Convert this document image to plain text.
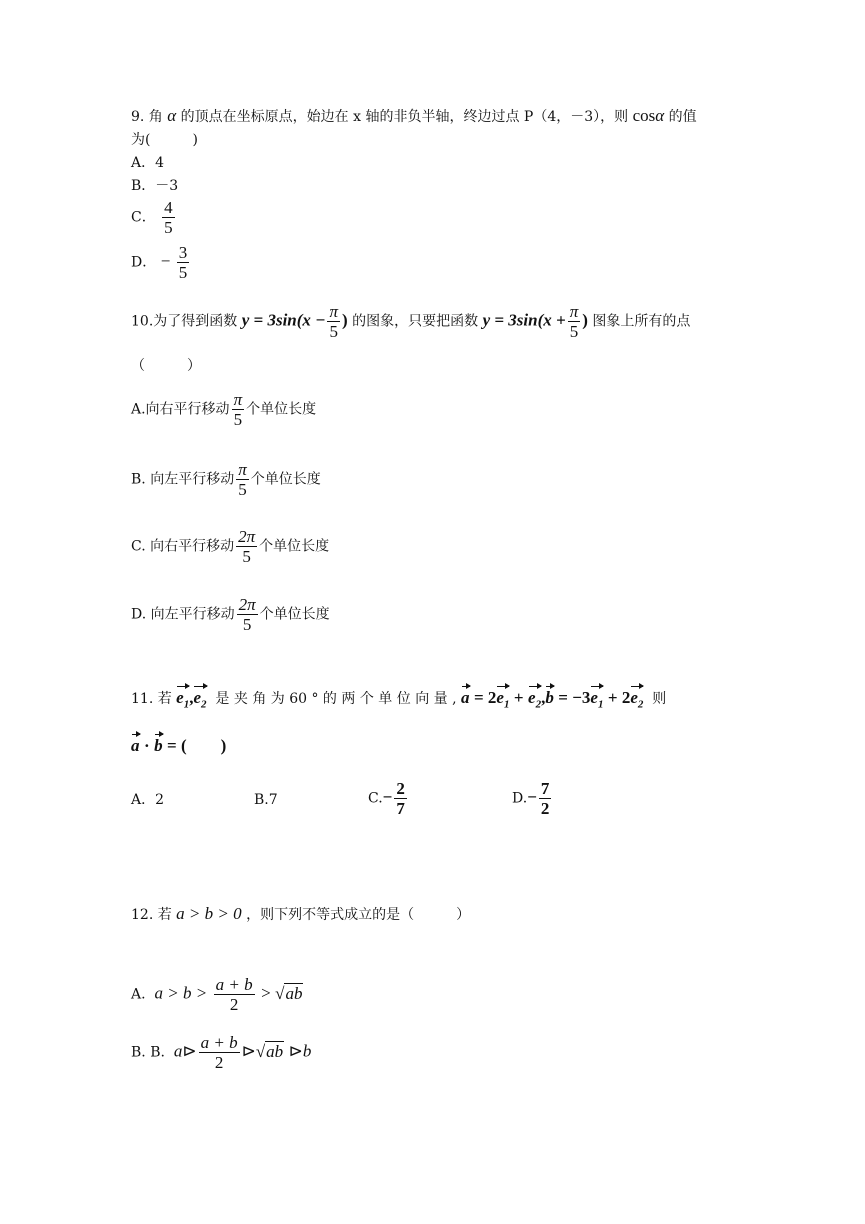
9. 角 α 的顶点在坐标原点，始边在 x 轴的非负半轴，终边过点 P（4，－3），则 cosα 的值
为(　　　)
A．4
B．－3
C． $\frac{4}{5}$
D． − $\frac{3}{5}$
10.为了得到函数 $y = 3\sin(x - \frac{\pi}{5}$ ) 的图象，只要把函数 $y = 3\sin(x + \frac{\pi}{5}$ ) 图象上所有的点
（　　　）
A.向右平行移动 $\frac{\pi}{5}$ 个单位长度
B. 向左平行移动 $\frac{\pi}{5}$ 个单位长度
C. 向右平行移动 $\frac{2\pi}{5}$ 个单位长度
D. 向左平行移动 $\frac{2\pi}{5}$ 个单位长度
11. 若 $e_1,e_2$ 是 夹 角 为 60 ° 的 两 个 单 位 向 量 , $a = 2e_1 + e_2,b = -3e_1 + 2e_2$ 则
a · b = (　　)
A．2	B.7	$C.- \frac{2}{7}$	$D.- \frac{7}{2}$
12. 若 a > b > 0 ，则下列不等式成立的是（　　　）
A. $a > b > \frac{a + b}{2} > √ab$
B. B. a⊳ $\frac{a + b}{2}$ ⊳√ab ⊳b
